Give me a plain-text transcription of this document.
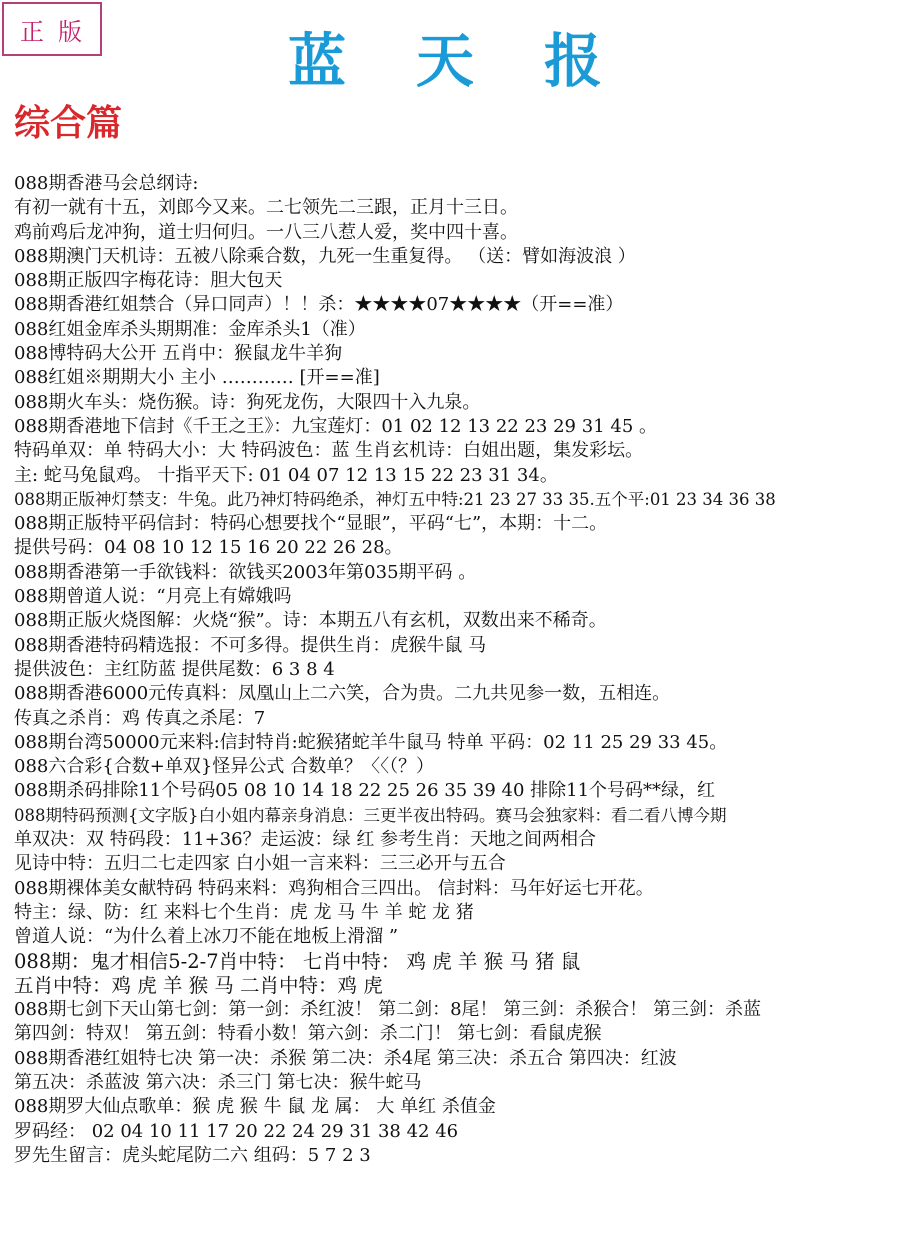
正版	蓝天报
综合篇
088期香港马会总纲诗:
有初一就有十五，刘郎今又来。二七领先二三跟，正月十三日。
鸡前鸡后龙冲狗，道士归何归。一八三八惹人爱，奖中四十喜。
088期澳门天机诗：五被八除乘合数，九死一生重复得。 （送：臂如海波浪 ）
088期正版四字梅花诗：胆大包天
088期香港红姐禁合（异口同声）！！杀：★★★★07★★★★（开==准）
088红姐金库杀头期期准：金库杀头1（准）
088博特码大公开 五肖中：猴鼠龙牛羊狗
088红姐※期期大小 主小 ………… [开==准]
088期火车头：烧伤猴。诗：狗死龙伤，大限四十入九泉。
088期香港地下信封《千王之王》：九宝莲灯：01 02 12 13 22 23 29 31 45 。
特码单双：单 特码大小：大 特码波色：蓝 生肖玄机诗：白姐出题，集发彩坛。
主: 蛇马兔鼠鸡。 十指平天下: 01 04 07 12 13 15 22 23 31 34。
088期正版神灯禁支：牛兔。此乃神灯特码绝杀，神灯五中特:21 23 27 33 35.五个平:01 23 34 36 38
088期正版特平码信封：特码心想要找个“显眼”，平码“七”，本期：十二。
提供号码：04 08 10 12 15 16 20 22 26 28。
088期香港第一手欲钱料：欲钱买2003年第035期平码 。
088期曾道人说：“月亮上有嫦娥吗
088期正版火烧图解：火烧“猴”。诗：本期五八有玄机，双数出来不稀奇。
088期香港特码精选报：不可多得。提供生肖：虎猴牛鼠 马
提供波色：主红防蓝 提供尾数：6 3 8 4
088期香港6000元传真料：凤凰山上二六笑，合为贵。二九共见参一数，五相连。
传真之杀肖：鸡 传真之杀尾：7
088期台湾50000元来料:信封特肖:蛇猴猪蛇羊牛鼠马 特单 平码：02 11 25 29 33 45。
088六合彩{合数+单双}怪异公式 合数单？〈〈（？）
088期杀码排除11个号码05 08 10 14 18 22 25 26 35 39 40 排除11个号码**绿，红
088期特码预测{文字版}白小姐内幕亲身消息：三更半夜出特码。赛马会独家料：看二看八博今期
单双决：双 特码段：11+36？走运波：绿 红 参考生肖：天地之间两相合
见诗中特：五归二七走四家 白小姐一言来料：三三必开与五合
088期裸体美女献特码 特码来料：鸡狗相合三四出。 信封料：马年好运七开花。
特主：绿、防：红 来料七个生肖：虎 龙 马 牛 羊 蛇 龙 猪
曾道人说：“为什么着上冰刀不能在地板上滑溜 ”
088期：鬼才相信5-2-7肖中特： 七肖中特： 鸡 虎 羊 猴 马 猪 鼠
五肖中特：鸡 虎 羊 猴 马 二肖中特：鸡 虎
088期七剑下天山第七剑：第一剑：杀红波！ 第二剑：8尾！ 第三剑：杀猴合！ 第三剑：杀蓝
第四剑：特双！ 第五剑：特看小数！第六剑：杀二门！ 第七剑：看鼠虎猴
088期香港红姐特七决 第一决：杀猴 第二决：杀4尾 第三决：杀五合 第四决：红波
第五决：杀蓝波 第六决：杀三门 第七决：猴牛蛇马
088期罗大仙点歌单：猴 虎 猴 牛 鼠 龙 属： 大 单红 杀值金
罗码经： 02 04 10 11 17 20 22 24 29 31 38 42 46
罗先生留言：虎头蛇尾防二六 组码：5 7 2 3
